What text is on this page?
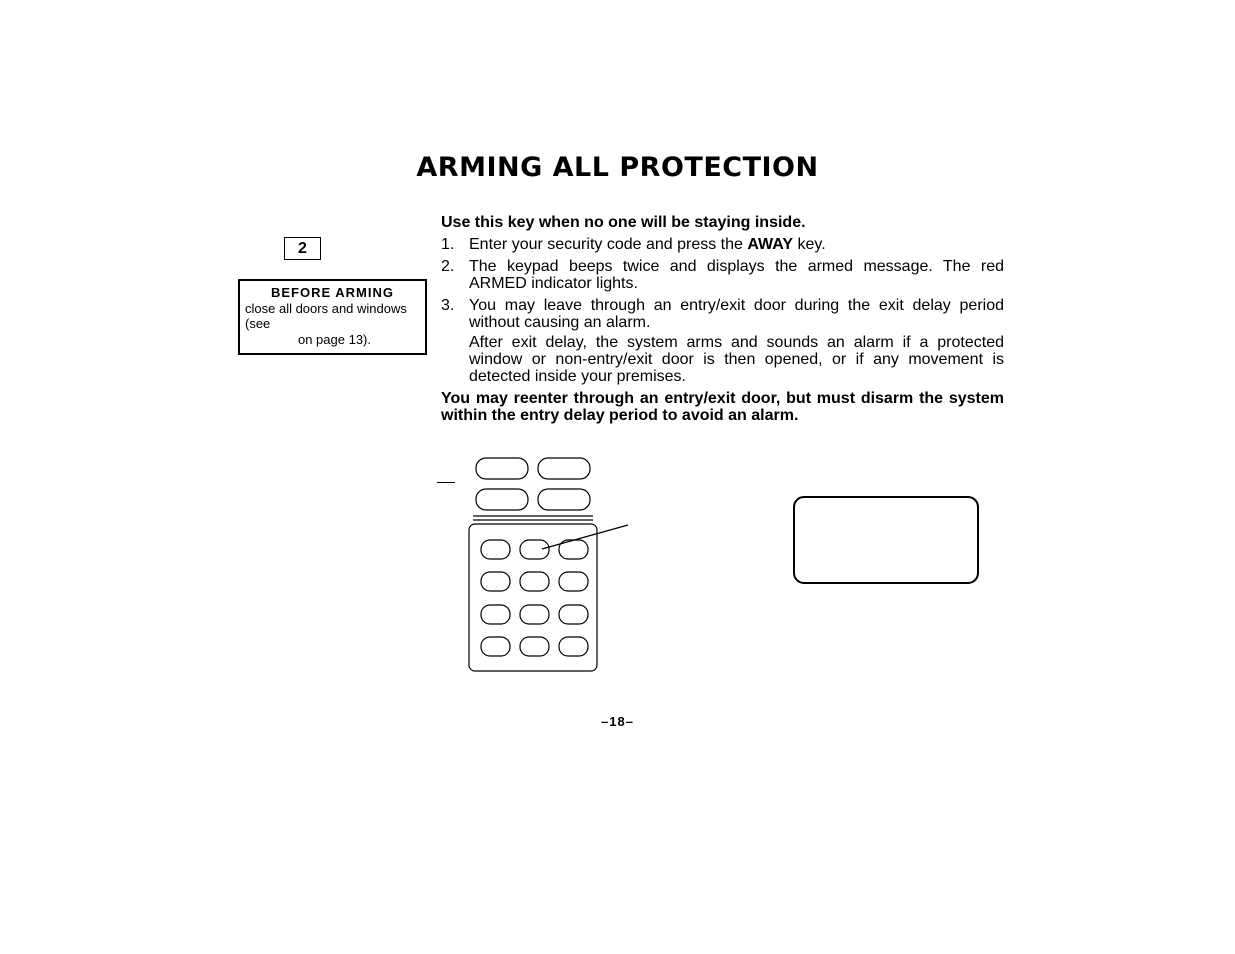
ARMING ALL PROTECTION
2
BEFORE ARMING
close all doors and windows (see
on page 13).

Use this key when no one will be staying inside.

1. Enter your security code and press the AWAY key.
2. The keypad beeps twice and displays the armed message. The red ARMED indicator lights.
3. You may leave through an entry/exit door during the exit delay period without causing an alarm.

After exit delay, the system arms and sounds an alarm if a protected window or non-entry/exit door is then opened, or if any movement is detected inside your premises.

You may reenter through an entry/exit door, but must disarm the system within the entry delay period to avoid an alarm.

–18–
